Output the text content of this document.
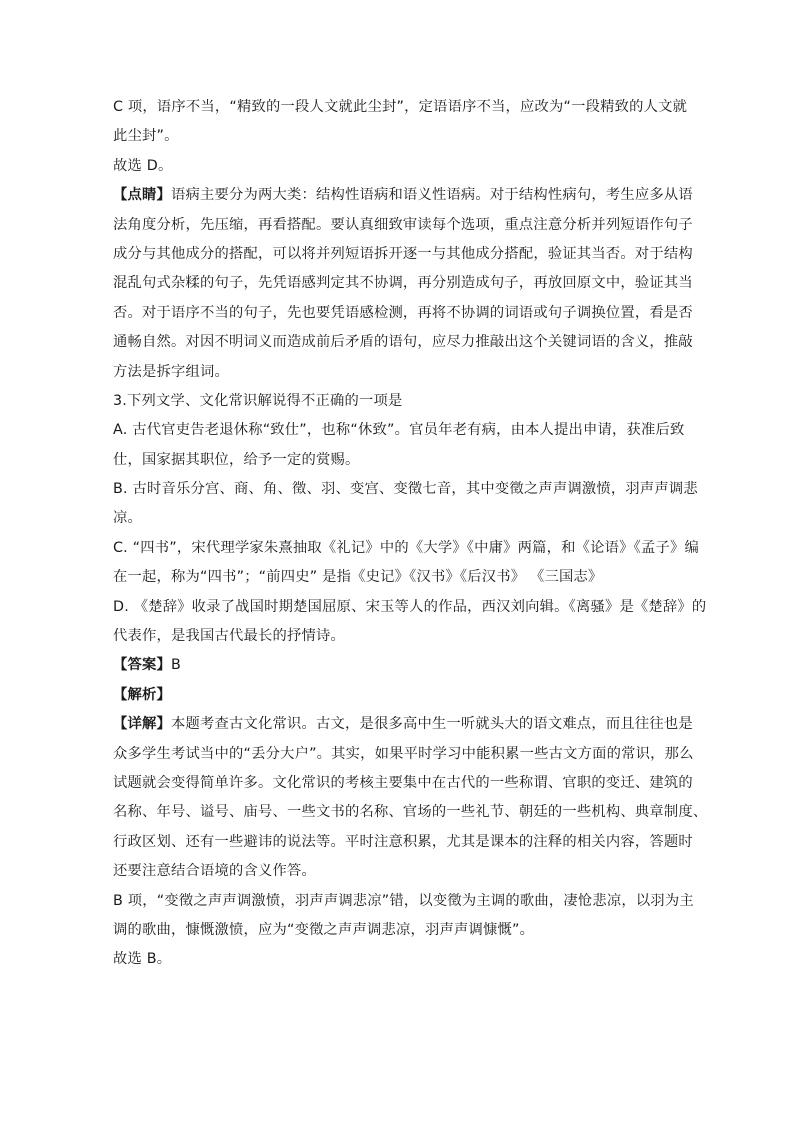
C 项，语序不当，“精致的一段人文就此尘封”，定语语序不当，应改为“一段精致的人文就
此尘封”。
故选 D。
【点睛】语病主要分为两大类：结构性语病和语义性语病。对于结构性病句，考生应多从语
法角度分析，先压缩，再看搭配。要认真细致审读每个选项，重点注意分析并列短语作句子
成分与其他成分的搭配，可以将并列短语拆开逐一与其他成分搭配，验证其当否。对于结构
混乱句式杂糅的句子，先凭语感判定其不协调，再分别造成句子，再放回原文中，验证其当
否。对于语序不当的句子，先也要凭语感检测，再将不协调的词语或句子调换位置，看是否
通畅自然。对因不明词义而造成前后矛盾的语句，应尽力推敲出这个关键词语的含义，推敲
方法是拆字组词。
3.下列文学、文化常识解说得不正确的一项是
A. 古代官吏告老退休称“致仕”，也称“休致”。官员年老有病，由本人提出申请，获准后致
仕，国家据其职位，给予一定的赏赐。
B. 古时音乐分宫、商、角、徵、羽、变宫、变徵七音，其中变徵之声声调激愤，羽声声调悲
凉。
C. “四书”，宋代理学家朱熹抽取《礼记》中的《大学》《中庸》两篇，和《论语》《孟子》编
在一起，称为“四书”；“前四史” 是指《史记》《汉书》《后汉书》 《三国志》
D. 《楚辞》收录了战国时期楚国屈原、宋玉等人的作品，西汉刘向辑。《离骚》是《楚辞》的
代表作，是我国古代最长的抒情诗。
【答案】B
【解析】
【详解】本题考查古文化常识。古文，是很多高中生一听就头大的语文难点，而且往往也是
众多学生考试当中的“丢分大户”。其实，如果平时学习中能积累一些古文方面的常识，那么
试题就会变得简单许多。文化常识的考核主要集中在古代的一些称谓、官职的变迁、建筑的
名称、年号、谥号、庙号、一些文书的名称、官场的一些礼节、朝廷的一些机构、典章制度、
行政区划、还有一些避讳的说法等。平时注意积累，尤其是课本的注释的相关内容，答题时
还要注意结合语境的含义作答。
B 项，“变徵之声声调激愤，羽声声调悲凉”错，以变徵为主调的歌曲，凄怆悲凉，以羽为主
调的歌曲，慷慨激愤，应为“变徵之声声调悲凉，羽声声调慷慨”。
故选 B。
